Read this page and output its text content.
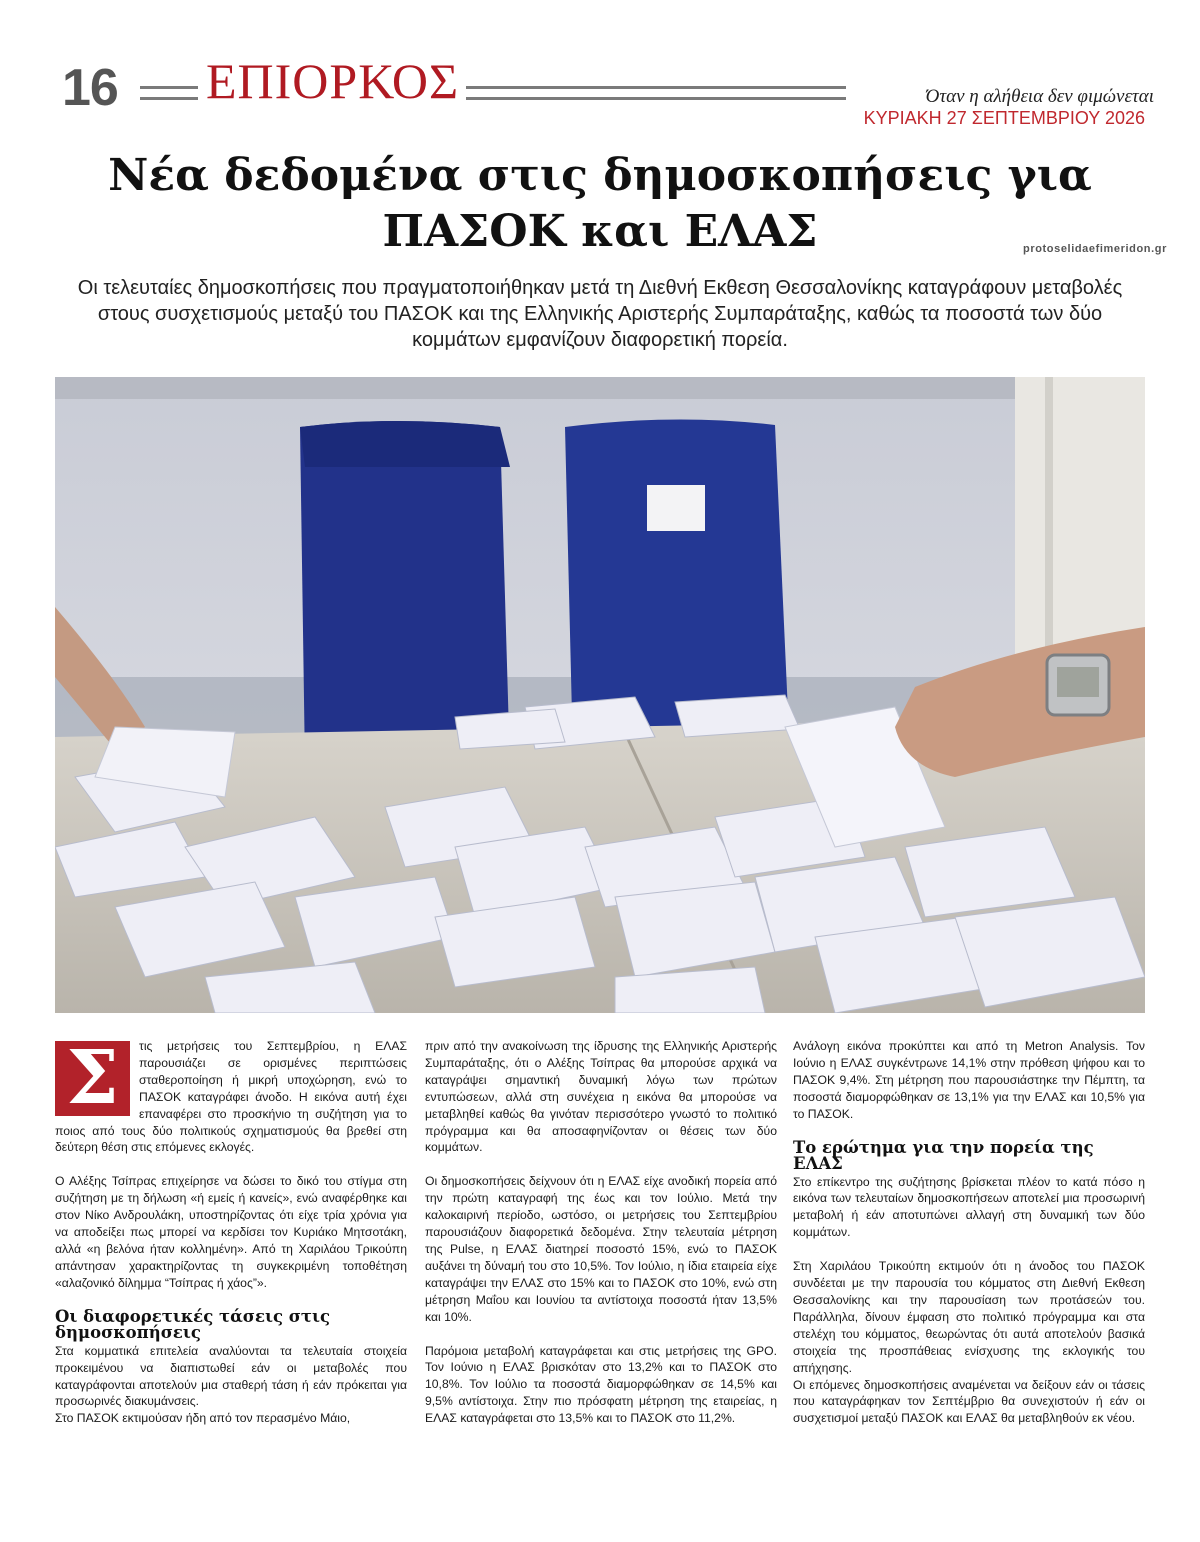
16 ΕΠΙΟΡΚΟΣ	Όταν η αλήθεια δεν φιμώνεται
ΚΥΡΙΑΚΗ 27 ΣΕΠΤΕΜΒΡΙΟΥ 2026
Νέα δεδομένα στις δημοσκοπήσεις για
ΠΑΣΟΚ και ΕΛΑΣ	protoselidaefimeridon.gr
Οι τελευταίες δημοσκοπήσεις που πραγματοποιήθηκαν μετά τη Διεθνή Εκθεση Θεσσαλονίκης καταγράφουν μεταβολές στους συσχετισμούς μεταξύ του ΠΑΣΟΚ και της Ελληνικής Αριστερής Συμπαράταξης, καθώς τα ποσοστά των δύο κομμάτων εμφανίζουν διαφορετική πορεία.
Σ	τις μετρήσεις του Σεπτεμβρίου, η ΕΛΑΣ παρουσιάζει σε ορισμένες περιπτώσεις σταθεροποίηση ή μικρή υποχώρηση, ενώ το ΠΑΣΟΚ καταγράφει άνοδο. Η εικόνα αυτή έχει επαναφέρει στο προσκήνιο τη συζήτηση για το ποιος από τους δύο πολιτικούς σχηματισμούς θα βρεθεί στη δεύτερη θέση στις επόμενες εκλογές.

Ο Αλέξης Τσίπρας επιχείρησε να δώσει το δικό του στίγμα στη συζήτηση με τη δήλωση «ή εμείς ή κανείς», ενώ αναφέρθηκε και στον Νίκο Ανδρουλάκη, υποστηρίζοντας ότι είχε τρία χρόνια για να αποδείξει πως μπορεί να κερδίσει τον Κυριάκο Μητσοτάκη, αλλά «η βελόνα ήταν κολλημένη». Από τη Χαριλάου Τρικούπη απάντησαν χαρακτηρίζοντας τη συγκεκριμένη τοποθέτηση «αλαζονικό δίλημμα “Τσίπρας ή χάος”».

Οι διαφορετικές τάσεις στις δημοσκοπήσεις

Στα κομματικά επιτελεία αναλύονται τα τελευταία στοιχεία προκειμένου να διαπιστωθεί εάν οι μεταβολές που καταγράφονται αποτελούν μια σταθερή τάση ή εάν πρόκειται για προσωρινές διακυμάνσεις.

Στο ΠΑΣΟΚ εκτιμούσαν ήδη από τον περασμένο Μάιο,

πριν από την ανακοίνωση της ίδρυσης της Ελληνικής Αριστερής Συμπαράταξης, ότι ο Αλέξης Τσίπρας θα μπορούσε αρχικά να καταγράψει σημαντική δυναμική λόγω των πρώτων εντυπώσεων, αλλά στη συνέχεια η εικόνα θα μπορούσε να μεταβληθεί καθώς θα γινόταν περισσότερο γνωστό το πολιτικό πρόγραμμα και θα αποσαφηνίζονταν οι θέσεις των δύο κομμάτων.

Οι δημοσκοπήσεις δείχνουν ότι η ΕΛΑΣ είχε ανοδική πορεία από την πρώτη καταγραφή της έως και τον Ιούλιο. Μετά την καλοκαιρινή περίοδο, ωστόσο, οι μετρήσεις του Σεπτεμβρίου παρουσιάζουν διαφορετικά δεδομένα. Στην τελευταία μέτρηση της Pulse, η ΕΛΑΣ διατηρεί ποσοστό 15%, ενώ το ΠΑΣΟΚ αυξάνει τη δύναμή του στο 10,5%. Τον Ιούλιο, η ίδια εταιρεία είχε καταγράψει την ΕΛΑΣ στο 15% και το ΠΑΣΟΚ στο 10%, ενώ στη μέτρηση Μαΐου και Ιουνίου τα αντίστοιχα ποσοστά ήταν 13,5% και 10%.

Παρόμοια μεταβολή καταγράφεται και στις μετρήσεις της GPO. Τον Ιούνιο η ΕΛΑΣ βρισκόταν στο 13,2% και το ΠΑΣΟΚ στο 10,8%. Τον Ιούλιο τα ποσοστά διαμορφώθηκαν σε 14,5% και 9,5% αντίστοιχα. Στην πιο πρόσφατη μέτρηση της εταιρείας, η ΕΛΑΣ καταγράφεται στο 13,5% και το ΠΑΣΟΚ στο 11,2%.

Ανάλογη εικόνα προκύπτει και από τη Metron Analysis. Τον Ιούνιο η ΕΛΑΣ συγκέντρωνε 14,1% στην πρόθεση ψήφου και το ΠΑΣΟΚ 9,4%. Στη μέτρηση που παρουσιάστηκε την Πέμπτη, τα ποσοστά διαμορφώθηκαν σε 13,1% για την ΕΛΑΣ και 10,5% για το ΠΑΣΟΚ.

Το ερώτημα για την πορεία της ΕΛΑΣ

Στο επίκεντρο της συζήτησης βρίσκεται πλέον το κατά πόσο η εικόνα των τελευταίων δημοσκοπήσεων αποτελεί μια προσωρινή μεταβολή ή εάν αποτυπώνει αλλαγή στη δυναμική των δύο κομμάτων.

Στη Χαριλάου Τρικούπη εκτιμούν ότι η άνοδος του ΠΑΣΟΚ συνδέεται με την παρουσία του κόμματος στη Διεθνή Εκθεση Θεσσαλονίκης και την παρουσίαση των προτάσεών του. Παράλληλα, δίνουν έμφαση στο πολιτικό πρόγραμμα και στα στελέχη του κόμματος, θεωρώντας ότι αυτά αποτελούν βασικά στοιχεία της προσπάθειας ενίσχυσης της εκλογικής του απήχησης.

Οι επόμενες δημοσκοπήσεις αναμένεται να δείξουν εάν οι τάσεις που καταγράφηκαν τον Σεπτέμβριο θα συνεχιστούν ή εάν οι συσχετισμοί μεταξύ ΠΑΣΟΚ και ΕΛΑΣ θα μεταβληθούν εκ νέου.
